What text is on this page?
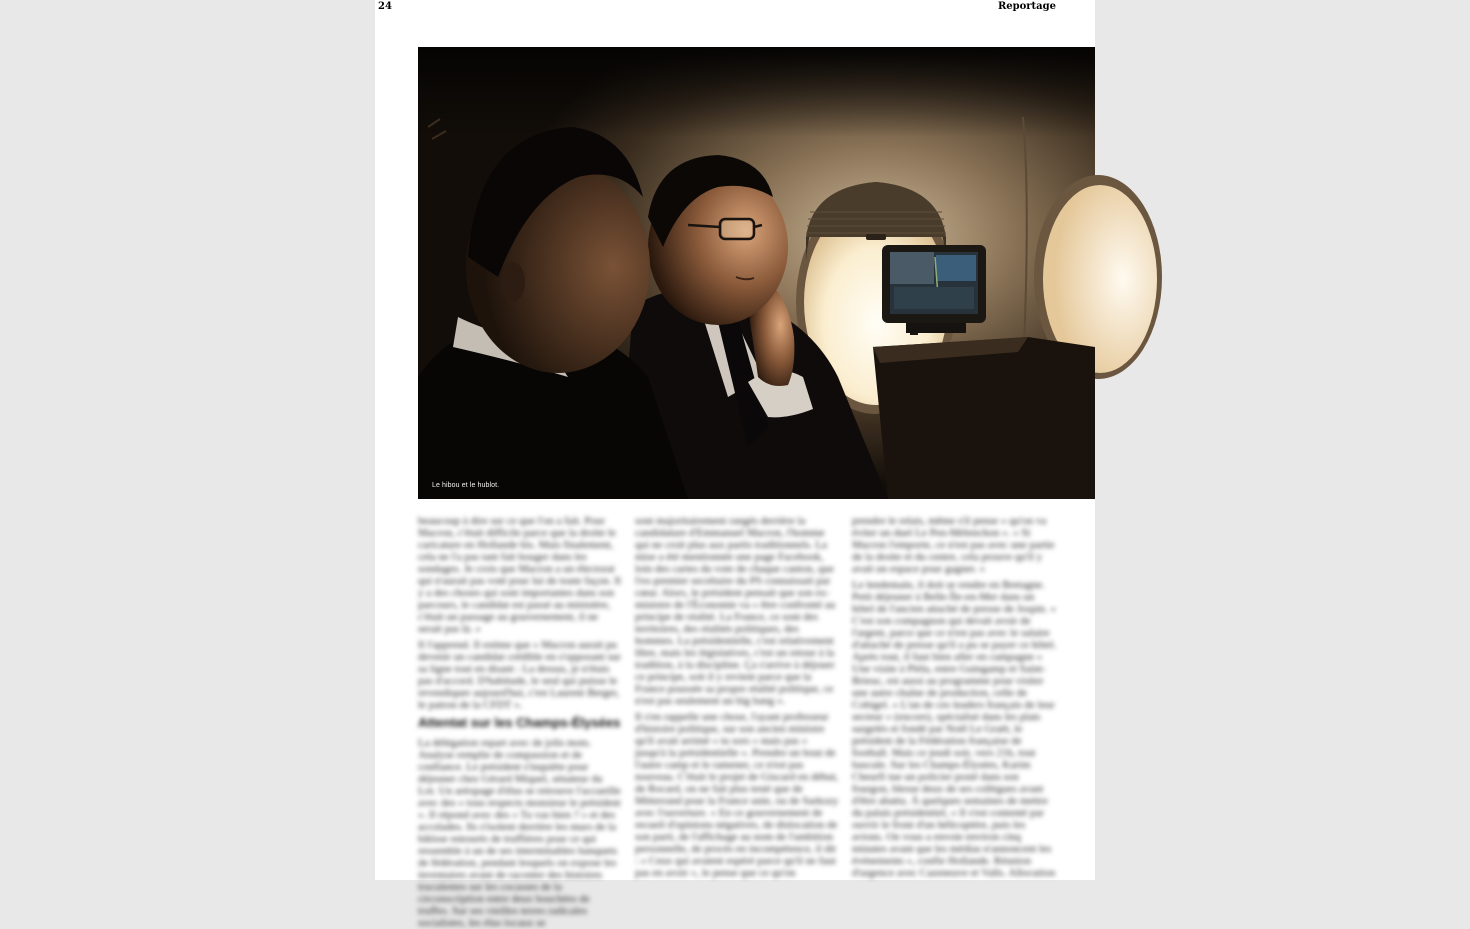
24	Reportage
Le hibou et le hublot.

beaucoup à dire sur ce que l'on a fait. Pour Macron, c'était difficile parce que la droite le caricature en Hollande bis. Mais finalement, cela ne l'a pas tant fait bouger dans les sondages. Je crois que Macron a un électorat qui n'aurait pas voté pour lui de toute façon. Il y a des choses qui sont importantes dans son parcours, le candidat est passé au ministère, c'était un passage au gouvernement, il ne serait pas là. »

Il l'apprend. Il estime que « Macron aurait pu devenir un candidat crédible en s'opposant sur sa ligne tout en disant : La dessus, je n'étais pas d'accord. D'habitude, le seul qui puisse le revendiquer aujourd'hui, c'est Laurent Berger, le patron de la CFDT ».

Attentat sur les Champs-Élysées

La délégation repart avec de jolis mots. Analyse remplie de compassion et de confiance. Le président s'inquiète pour déjeuner chez Gérard Miquel, sénateur du Lot. Un aréopage d'élus se retrouve l'accueille avec des « tous respects monsieur le président ». Il répond avec des « Tu vas bien ? » et des accolades. Ils s'isolent derrière les murs de la bâtisse entourés de truffières pour ce qui ressemble à un de ses interminables banquets de fédération, pendant lesquels on expose les inventaires avant de raconter des histoires truculentes sur les cocasses de la circonscription entre deux bouchées de truffes. Sur ses vieilles terres radicales socialistes, les élus locaux se

sont majoritairement rangés derrière la candidature d'Emmanuel Macron, l'homme qui ne croit plus aux partis traditionnels. La mise a été mentionnée une page Facebook, loin des cartes du vote de chaque canton, que l'ex-premier secrétaire du PS connaissait par cœur. Alors, le président pensait que son ex-ministre de l'Économie va « être confronté au principe de réalité. La France, ce sont des territoires, des réalités politiques, des hommes. La présidentielle, c'est relativement libre, mais les législatives, c'est un retour à la tradition, à la discipline. Ça s'arrive à déjouer ce principe, soit il y revient parce que la France poussée sa propre réalité politique, ce n'est pas seulement un big bang ».

Il s'en rappelle une chose, l'ayant professeur d'histoire politique, sur son ancien ministre qu'il avait arrimé « tu sors » mais pas « jusqu'à la présidentielle ». Prendre un bout de l'autre camp et le ramener, ce n'est pas nouveau. C'était le projet de Giscard en début, de Rocard, on ne fait plus testé que de Mitterrand pour la France unie, ou de Sarkozy avec l'ouverture. « En ce gouvernement de recueil d'opinions négatives, de dislocation de son parti, de l'affichage au nom de l'ambition personnelle, de procès en incompétence, il dit : « Ceux qui avaient espéré parce qu'il ne faut pas en avoir », le pense que ce qu'on

prendre le relais, même s'il pense « qu'on va éviter un duel Le Pen-Mélenchon ». « Si Macron l'emporte, ce n'est pas avec une partie de la droite et du centre, cela prouve qu'il y avait un espace pour gagner. »

Le lendemain, il doit se rendre en Bretagne. Petit déjeuner à Belle-Île-en-Mer dans un hôtel de l'ancien attaché de presse de Jospin. « C'est son compagnon qui devait avoir de l'argent, parce que ce n'est pas avec le salaire d'attaché de presse qu'il a pu se payer ce hôtel. Après tout, il faut bien aller en campagne » Une visite à Pléla, entre Guingamp et Saint-Brieuc, est aussi au programme pour visiter une autre chaîne de production, celle de Cobigel. « L'un de ces leaders français de leur secteur » (encore), spécialisé dans les plats surgelés et fondé par Noël Le Graët, le président de la Fédération française de football. Mais ce jeudi soir, vers 21h, tout bascule. Sur les Champs-Élysées, Karim Cheurfi tue un policier posté dans son fourgon, blesse deux de ses collègues avant d'être abattu. À quelques semaines de mettre du palais présidentiel, « Il s'est contenté par ouvrir le front d'un hélicoptère, puis les avions. On vous a envoie environ cinq minutes avant que les médias n'annoncent les événements », confie Hollande. Réunion d'urgence avec Cazeneuve et Valls. Allocution
